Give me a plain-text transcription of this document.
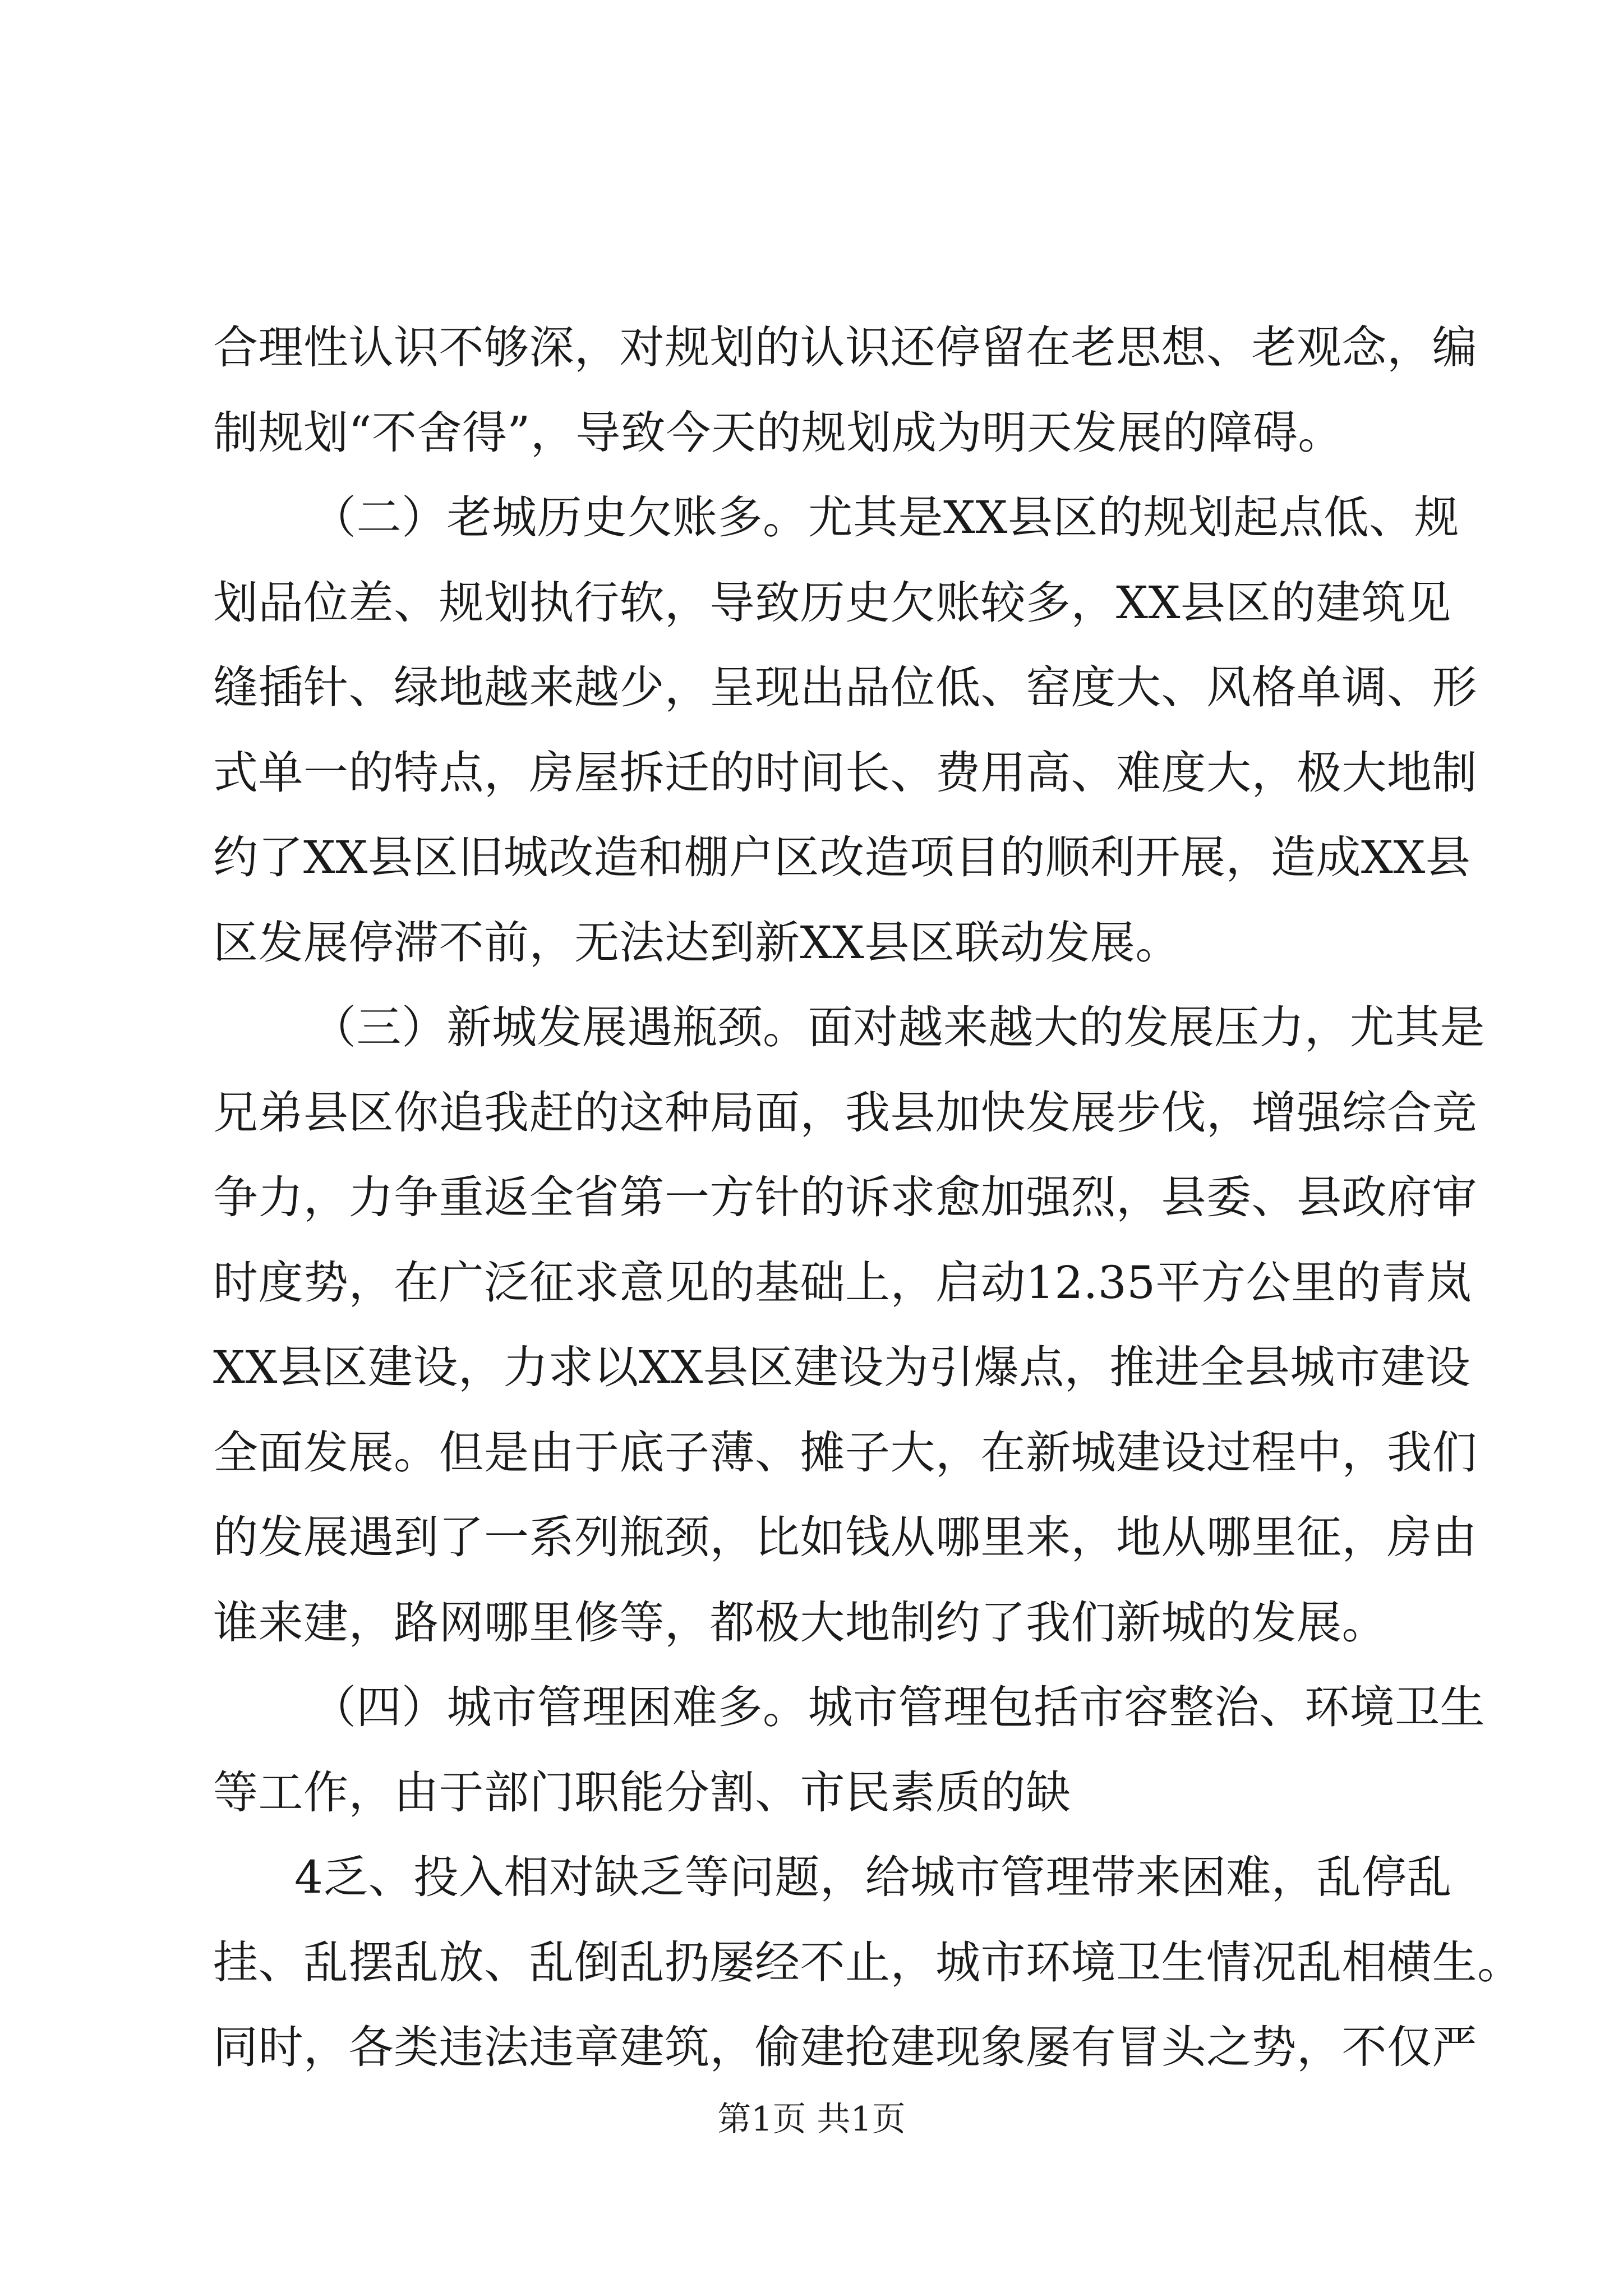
合理性认识不够深，对规划的认识还停留在老思想、老观念，编
制规划“不舍得”，导致今天的规划成为明天发展的障碍。
（二）老城历史欠账多。尤其是XX县区的规划起点低、规
划品位差、规划执行软，导致历史欠账较多，XX县区的建筑见
缝插针、绿地越来越少，呈现出品位低、窑度大、风格单调、形
式单一的特点，房屋拆迁的时间长、费用高、难度大，极大地制
约了XX县区旧城改造和棚户区改造项目的顺利开展，造成XX县
区发展停滞不前，无法达到新XX县区联动发展。
（三）新城发展遇瓶颈。面对越来越大的发展压力，尤其是
兄弟县区你追我赶的这种局面，我县加快发展步伐，增强综合竞
争力，力争重返全省第一方针的诉求愈加强烈，县委、县政府审
时度势，在广泛征求意见的基础上，启动12.35平方公里的青岚
XX县区建设，力求以XX县区建设为引爆点，推进全县城市建设
全面发展。但是由于底子薄、摊子大，在新城建设过程中，我们
的发展遇到了一系列瓶颈，比如钱从哪里来，地从哪里征，房由
谁来建，路网哪里修等，都极大地制约了我们新城的发展。
（四）城市管理困难多。城市管理包括市容整治、环境卫生
等工作，由于部门职能分割、市民素质的缺
4乏、投入相对缺乏等问题，给城市管理带来困难，乱停乱
挂、乱摆乱放、乱倒乱扔屡经不止，城市环境卫生情况乱相横生。
同时，各类违法违章建筑，偷建抢建现象屡有冒头之势，不仅严
第1页 共1页
